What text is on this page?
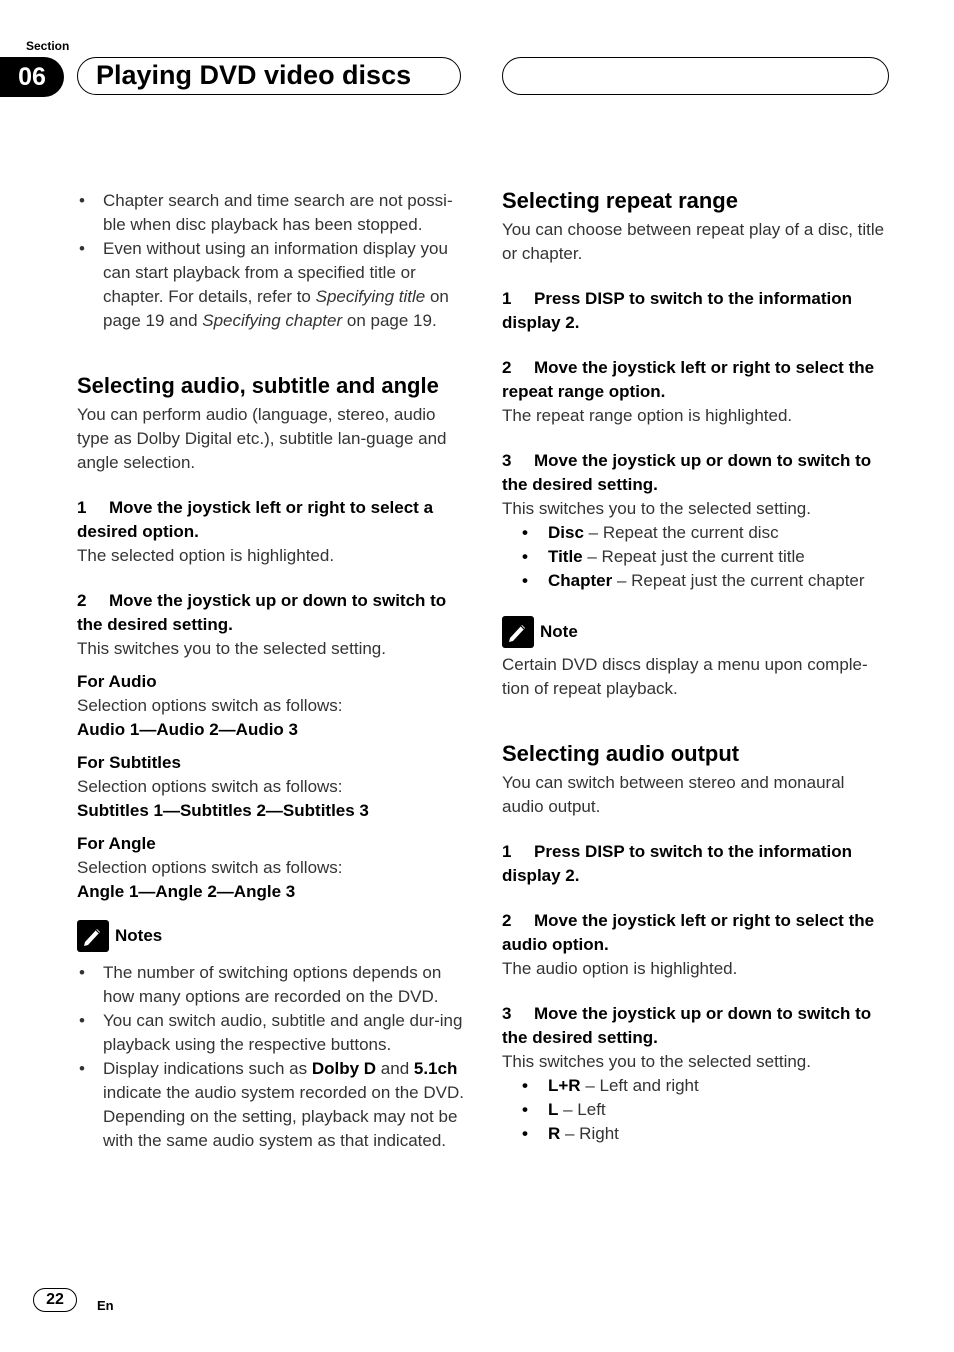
Section
06	Playing DVD video discs
• Chapter search and time search are not possi-ble when disc playback has been stopped.
• Even without using an information display you can start playback from a specified title or chapter. For details, refer to Specifying title on page 19 and Specifying chapter on page 19.
Selecting audio, subtitle and angle

You can perform audio (language, stereo, audio type as Dolby Digital etc.), subtitle lan-guage and angle selection.

1 Move the joystick left or right to select a desired option.

The selected option is highlighted.

2 Move the joystick up or down to switch to the desired setting.

This switches you to the selected setting.

For Audio

Selection options switch as follows:

Audio 1—Audio 2—Audio 3

For Subtitles

Selection options switch as follows:

Subtitles 1—Subtitles 2—Subtitles 3

For Angle

Selection options switch as follows:

Angle 1—Angle 2—Angle 3

Notes
• The number of switching options depends on how many options are recorded on the DVD.
• You can switch audio, subtitle and angle dur-ing playback using the respective buttons.
• Display indications such as Dolby D and 5.1ch indicate the audio system recorded on the DVD. Depending on the setting, playback may not be with the same audio system as that indicated.
Selecting repeat range

You can choose between repeat play of a disc, title or chapter.

1 Press DISP to switch to the information display 2.

2 Move the joystick left or right to select the repeat range option.

The repeat range option is highlighted.

3 Move the joystick up or down to switch to the desired setting.

This switches you to the selected setting.

• Disc – Repeat the current disc
• Title – Repeat just the current title
• Chapter – Repeat just the current chapter
Note

Certain DVD discs display a menu upon comple-tion of repeat playback.

Selecting audio output

You can switch between stereo and monaural audio output.

1 Press DISP to switch to the information display 2.

2 Move the joystick left or right to select the audio option.

The audio option is highlighted.

3 Move the joystick up or down to switch to the desired setting.

This switches you to the selected setting.

• L+R – Left and right
• L – Left
• R – Right
22	En
